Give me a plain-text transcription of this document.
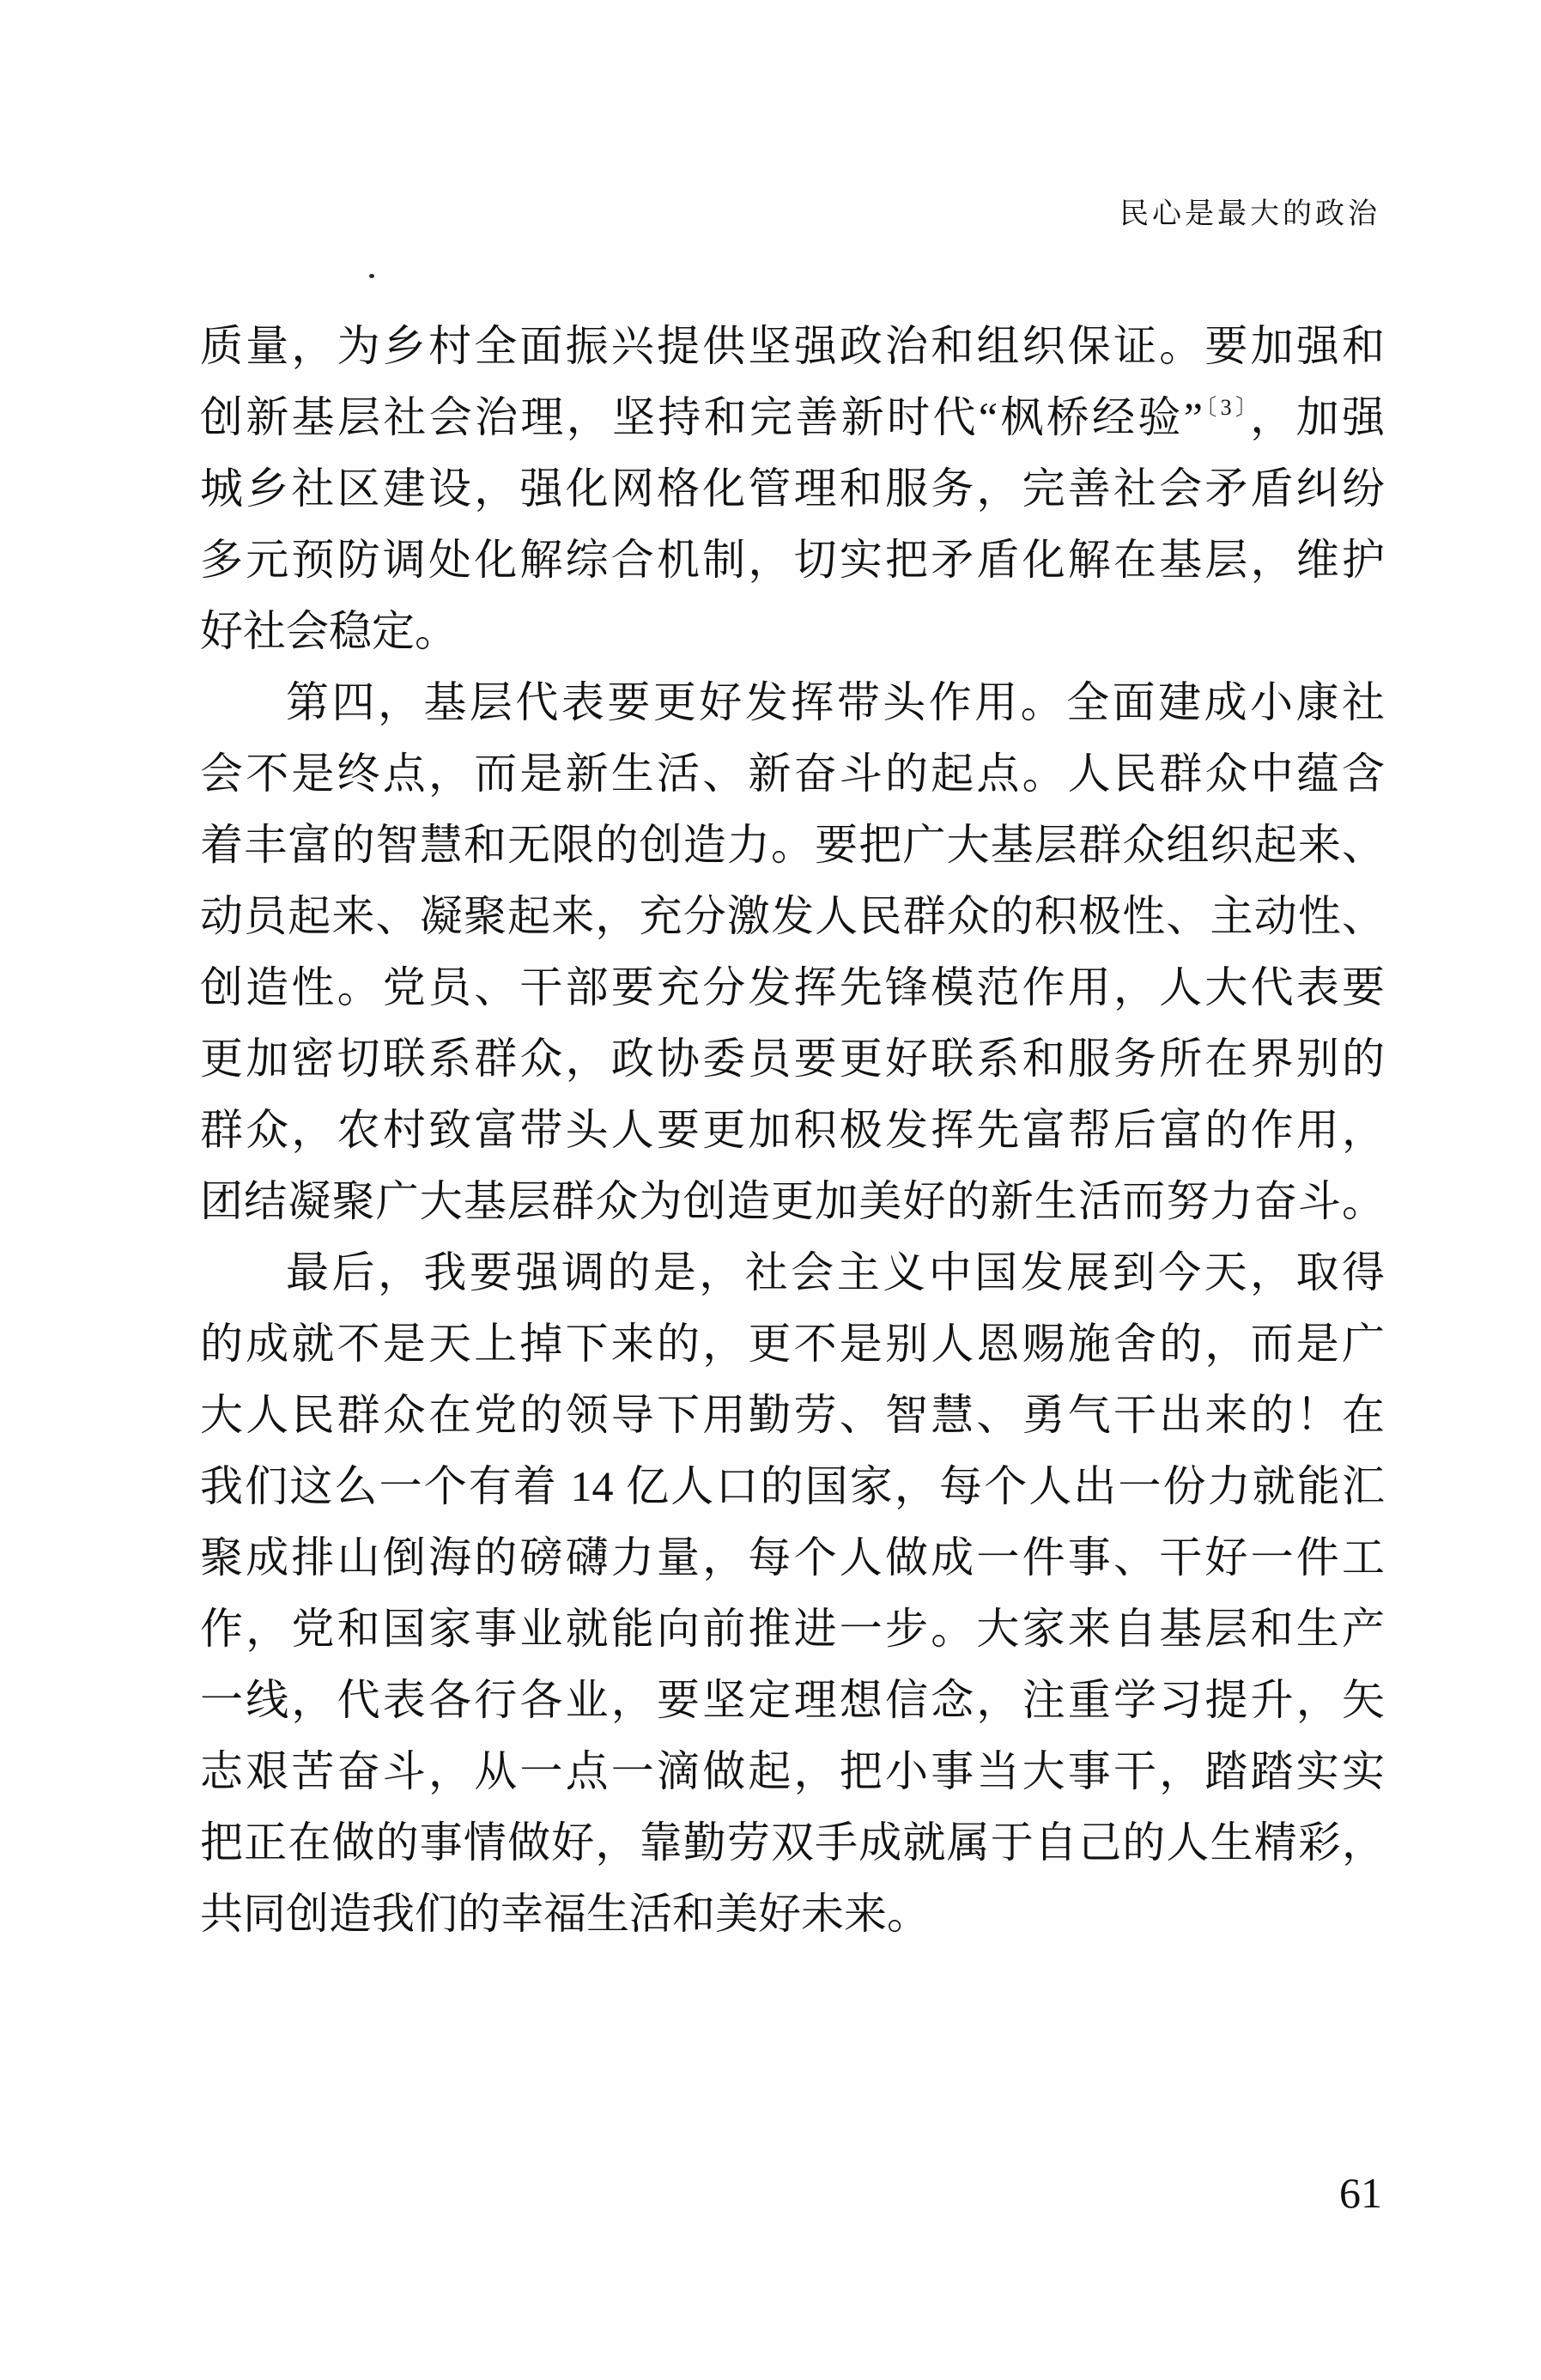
民心是最大的政治
质量，为乡村全面振兴提供坚强政治和组织保证。要加强和
创新基层社会治理，坚持和完善新时代“枫桥经验”$^{〔3〕}$，加强
城乡社区建设，强化网格化管理和服务，完善社会矛盾纠纷
多元预防调处化解综合机制，切实把矛盾化解在基层，维护
好社会稳定。
第四，基层代表要更好发挥带头作用。全面建成小康社
会不是终点，而是新生活、新奋斗的起点。人民群众中蕴含
着丰富的智慧和无限的创造力。要把广大基层群众组织起来、
动员起来、凝聚起来，充分激发人民群众的积极性、主动性、
创造性。党员、干部要充分发挥先锋模范作用，人大代表要
更加密切联系群众，政协委员要更好联系和服务所在界别的
群众，农村致富带头人要更加积极发挥先富帮后富的作用，
团结凝聚广大基层群众为创造更加美好的新生活而努力奋斗。
最后，我要强调的是，社会主义中国发展到今天，取得
的成就不是天上掉下来的，更不是别人恩赐施舍的，而是广
大人民群众在党的领导下用勤劳、智慧、勇气干出来的！在
我们这么一个有着 14 亿人口的国家，每个人出一份力就能汇
聚成排山倒海的磅礴力量，每个人做成一件事、干好一件工
作，党和国家事业就能向前推进一步。大家来自基层和生产
一线，代表各行各业，要坚定理想信念，注重学习提升，矢
志艰苦奋斗，从一点一滴做起，把小事当大事干，踏踏实实
把正在做的事情做好，靠勤劳双手成就属于自己的人生精彩，
共同创造我们的幸福生活和美好未来。
61
